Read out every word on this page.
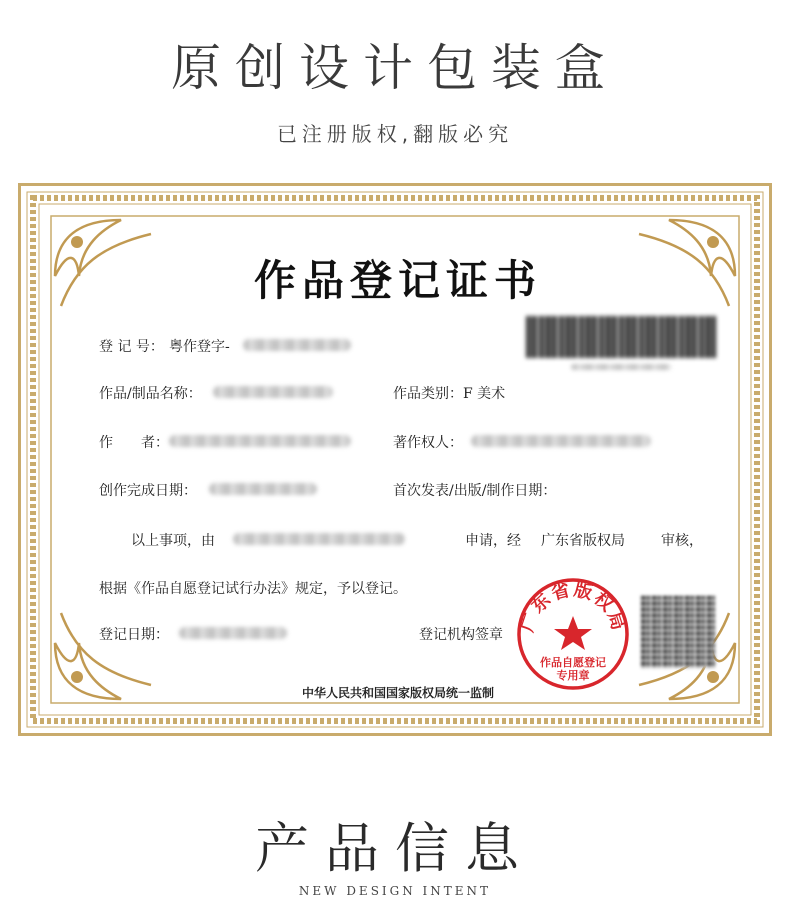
原创设计包装盒
已注册版权,翻版必究
作品登记证书
登 记 号： 粤作登字-
作品/制品名称：	作品类别： F 美术
作　　者：	著作权人：
创作完成日期：	首次发表/出版/制作日期：
以上事项，由	申请，经 广东省版权局	审核，
根据《作品自愿登记试行办法》规定，予以登记。
登记日期：	登记机构签章
广东省版权局
作品自愿登记
专用章
中华人民共和国国家版权局统一监制
产品信息
NEW DESIGN INTENT
